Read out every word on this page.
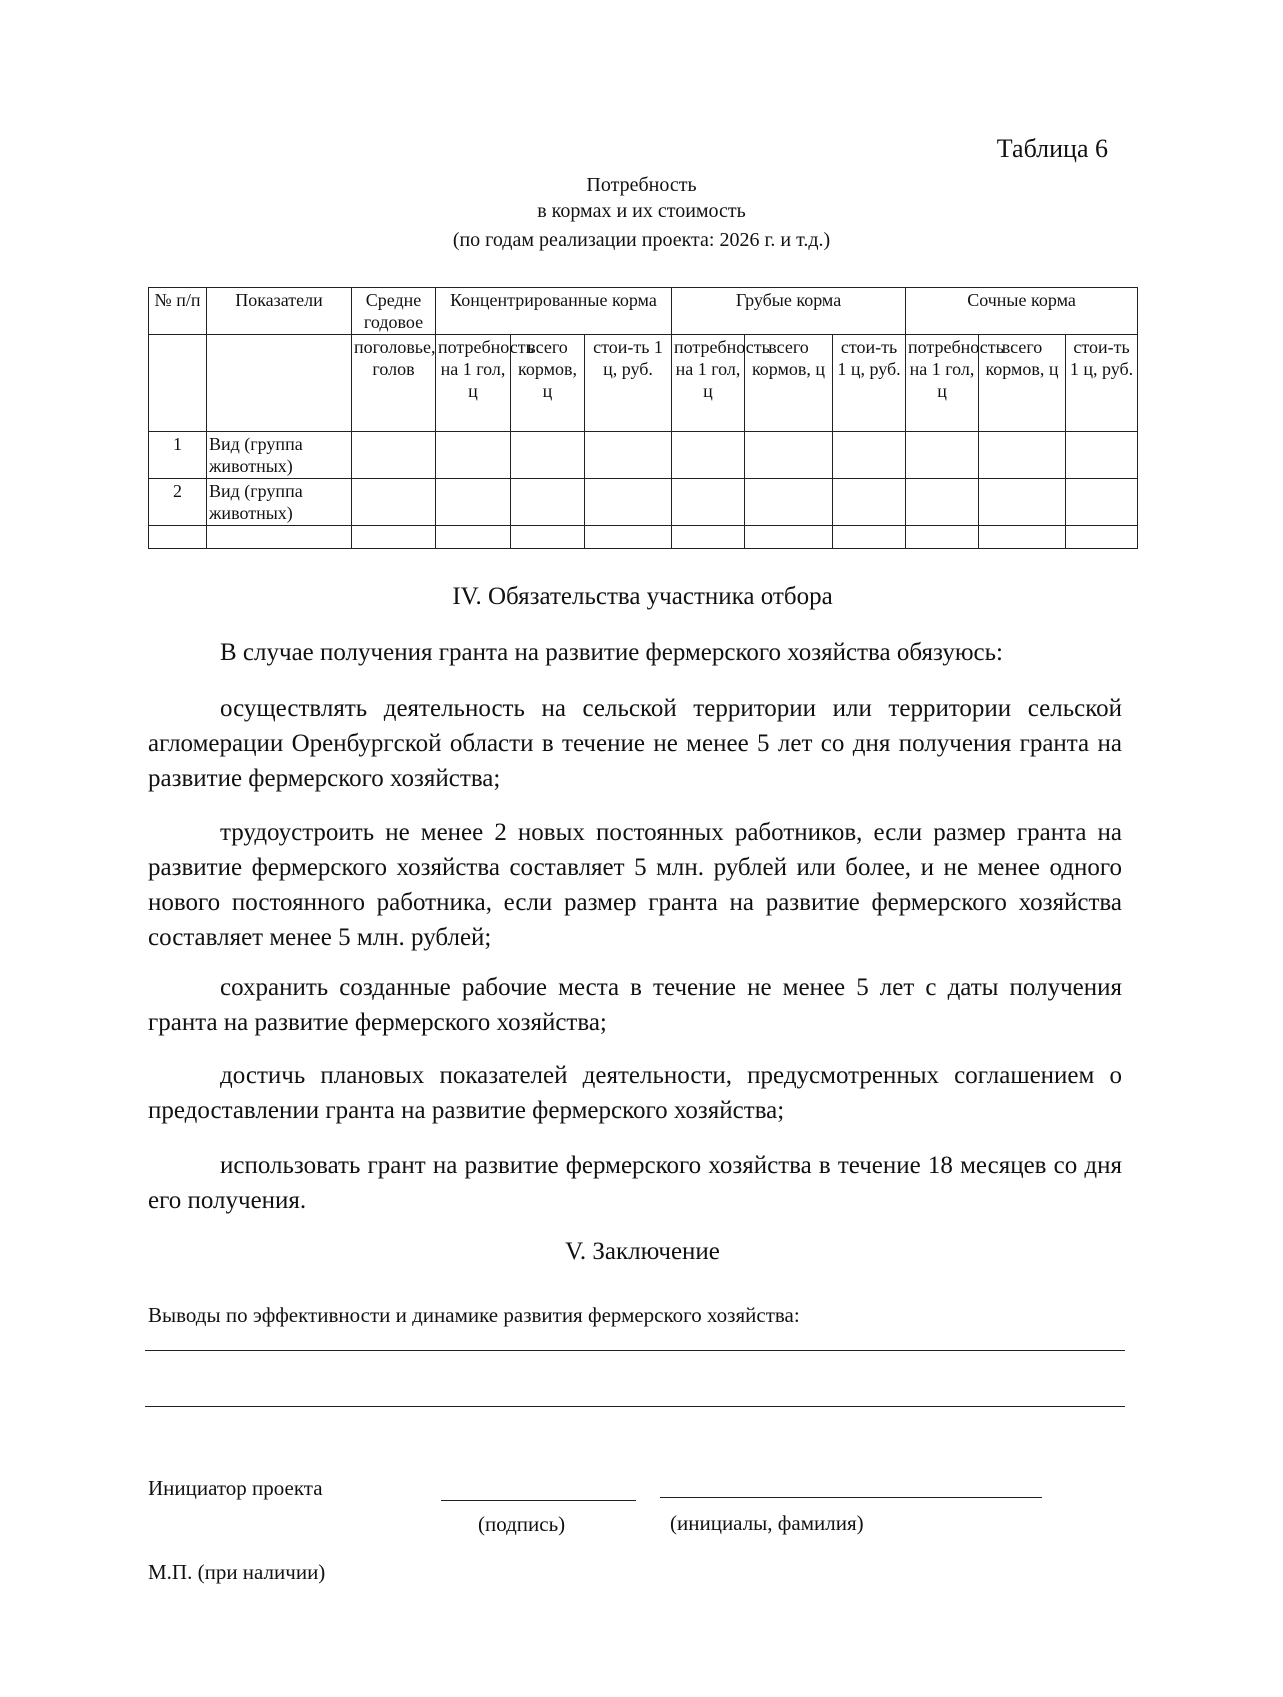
Таблица 6
Потребность
в кормах и их стоимость
(по годам реализации проекта: 2026 г. и т.д.)
№ п/п	Показатели	Средне годовое	Концентрированные корма			Грубые корма			Сочные корма		
		поголовье, голов	потребность на 1 гол, ц	всего кормов, ц	стои-ть 1 ц, руб.	потребность на 1 гол, ц	всего кормов, ц	стои-ть 1 ц, руб.	потребность на 1 гол, ц	всего кормов, ц	стои-ть 1 ц, руб.
1	Вид (группа животных)										
2	Вид (группа животных)										

IV. Обязательства участника отбора
В случае получения гранта на развитие фермерского хозяйства обязуюсь:
осуществлять деятельность на сельской территории или территории сельской агломерации Оренбургской области в течение не менее 5 лет со дня получения гранта на развитие фермерского хозяйства;
трудоустроить не менее 2 новых постоянных работников, если размер гранта на развитие фермерского хозяйства составляет 5 млн. рублей или более, и не менее одного нового постоянного работника, если размер гранта на развитие фермерского хозяйства составляет менее 5 млн. рублей;
сохранить созданные рабочие места в течение не менее 5 лет с даты получения гранта на развитие фермерского хозяйства;
достичь плановых показателей деятельности, предусмотренных соглашением о предоставлении гранта на развитие фермерского хозяйства;
использовать грант на развитие фермерского хозяйства в течение 18 месяцев со дня его получения.
V. Заключение
Выводы по эффективности и динамике развития фермерского хозяйства:
Инициатор проекта
(подпись)	(инициалы, фамилия)
М.П. (при наличии)
